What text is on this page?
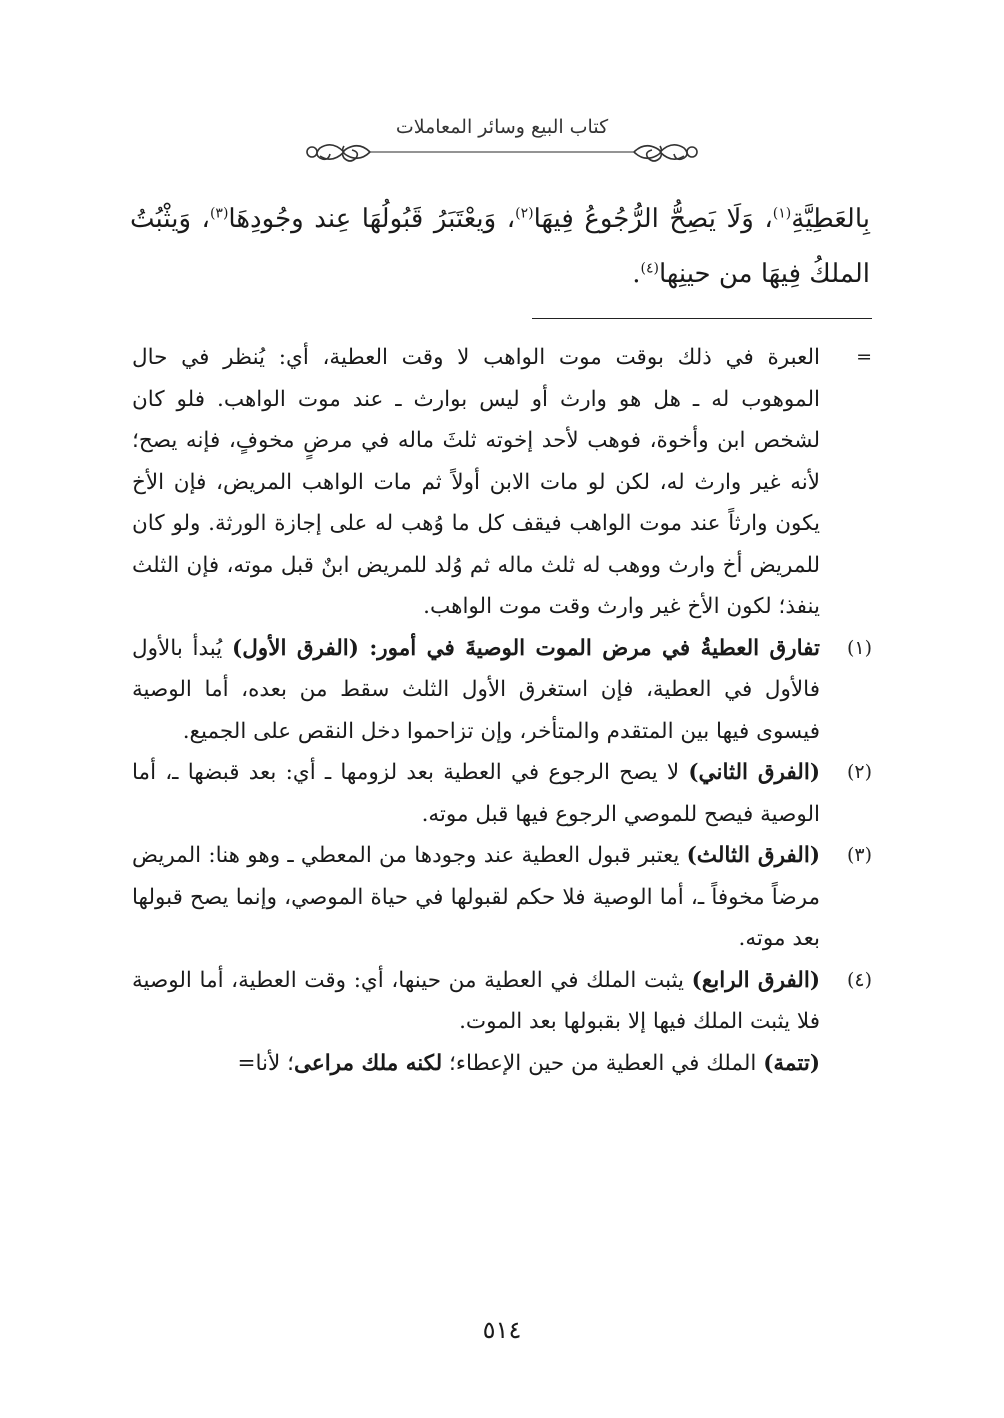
كتاب البيع وسائر المعاملات
بِالعَطِيَّةِ$^{(١)}$، وَلَا يَصِحُّ الرُّجُوعُ فِيهَا$^{(٢)}$، وَيعْتَبَرُ قَبُولُهَا عِند وجُودِهَا$^{(٣)}$، وَيثْبُتُ الملكُ فِيهَا من حينِها$^{(٤)}$.
=
العبرة في ذلك بوقت موت الواهب لا وقت العطية، أي: يُنظر في حال الموهوب له ـ هل هو وارث أو ليس بوارث ـ عند موت الواهب. فلو كان لشخص ابن وأخوة، فوهب لأحد إخوته ثلثَ ماله في مرضٍ مخوفٍ، فإنه يصح؛ لأنه غير وارث له، لكن لو مات الابن أولاً ثم مات الواهب المريض، فإن الأخ يكون وارثاً عند موت الواهب فيقف كل ما وُهب له على إجازة الورثة. ولو كان للمريض أخ وارث ووهب له ثلث ماله ثم وُلد للمريض ابنٌ قبل موته، فإن الثلث ينفذ؛ لكون الأخ غير وارث وقت موت الواهب.
(١)
تفارق العطيةُ في مرض الموت الوصيةَ في أمور: (الفرق الأول) يُبدأ بالأول فالأول في العطية، فإن استغرق الأول الثلث سقط من بعده، أما الوصية فيسوى فيها بين المتقدم والمتأخر، وإن تزاحموا دخل النقص على الجميع.
(٢)
(الفرق الثاني) لا يصح الرجوع في العطية بعد لزومها ـ أي: بعد قبضها ـ، أما الوصية فيصح للموصي الرجوع فيها قبل موته.
(٣)
(الفرق الثالث) يعتبر قبول العطية عند وجودها من المعطي ـ وهو هنا: المريض مرضاً مخوفاً ـ، أما الوصية فلا حكم لقبولها في حياة الموصي، وإنما يصح قبولها بعد موته.
(٤)
(الفرق الرابع) يثبت الملك في العطية من حينها، أي: وقت العطية، أما الوصية فلا يثبت الملك فيها إلا بقبولها بعد الموت.
(تتمة) الملك في العطية من حين الإعطاء؛ لكنه ملك مراعى؛ لأنا=
٥١٤
